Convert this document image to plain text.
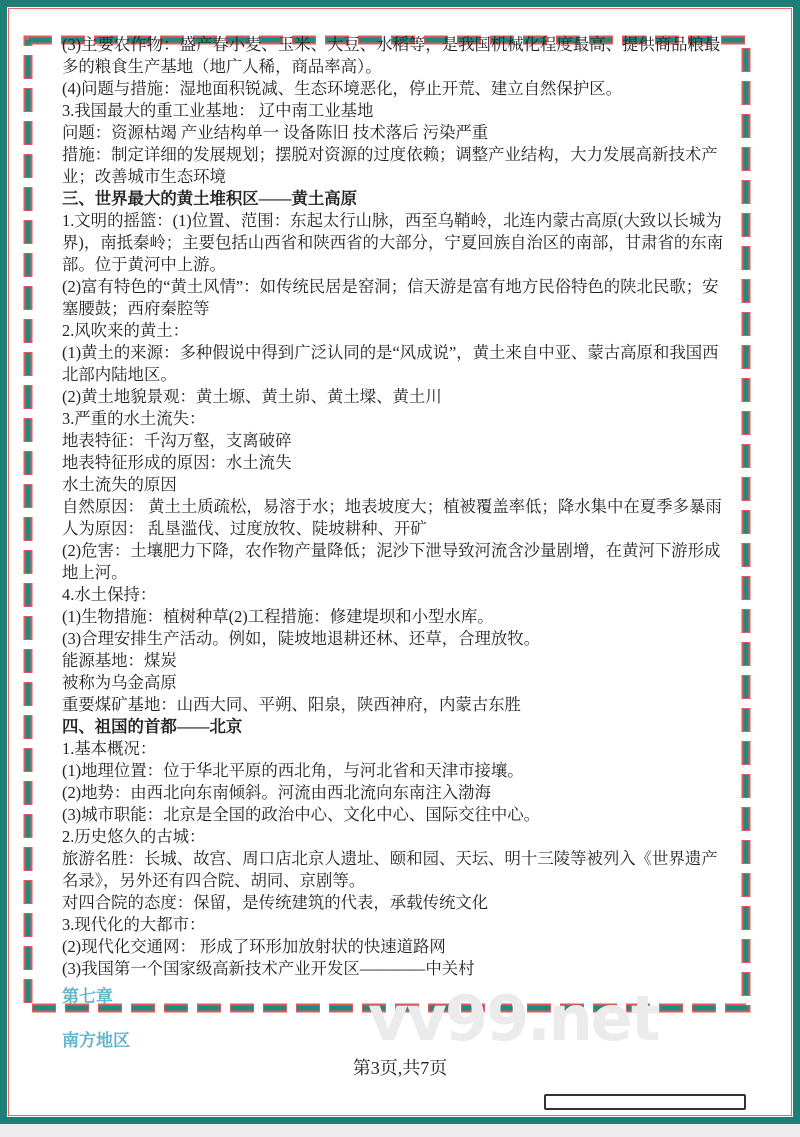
(3)主要农作物：盛产春小麦、玉米、大豆、水稻等，是我国机械化程度最高、提供商品粮最
多的粮食生产基地（地广人稀，商品率高）。
(4)问题与措施：湿地面积锐减、生态环境恶化，停止开荒、建立自然保护区。
3.我国最大的重工业基地： 辽中南工业基地
问题：资源枯竭 产业结构单一 设备陈旧 技术落后 污染严重
措施：制定详细的发展规划；摆脱对资源的过度依赖；调整产业结构，大力发展高新技术产
业；改善城市生态环境
三、世界最大的黄土堆积区——黄土高原
1.文明的摇篮：(1)位置、范围：东起太行山脉，西至乌鞘岭，北连内蒙古高原(大致以长城为
界)，南抵秦岭；主要包括山西省和陕西省的大部分，宁夏回族自治区的南部，甘肃省的东南
部。位于黄河中上游。
(2)富有特色的“黄土风情”：如传统民居是窑洞；信天游是富有地方民俗特色的陕北民歌；安
塞腰鼓；西府秦腔等
2.风吹来的黄土：
(1)黄土的来源：多种假说中得到广泛认同的是“风成说”，黄土来自中亚、蒙古高原和我国西
北部内陆地区。
(2)黄土地貌景观：黄土塬、黄土峁、黄土墚、黄土川
3.严重的水土流失：
地表特征：千沟万壑，支离破碎
地表特征形成的原因：水土流失
水土流失的原因
自然原因： 黄土土质疏松，易溶于水；地表坡度大；植被覆盖率低；降水集中在夏季多暴雨
人为原因： 乱垦滥伐、过度放牧、陡坡耕种、开矿
(2)危害：土壤肥力下降，农作物产量降低；泥沙下泄导致河流含沙量剧增，在黄河下游形成
地上河。
4.水土保持：
(1)生物措施：植树种草(2)工程措施：修建堤坝和小型水库。
(3)合理安排生产活动。例如，陡坡地退耕还林、还草，合理放牧。
能源基地：煤炭
被称为乌金高原
重要煤矿基地：山西大同、平朔、阳泉，陕西神府，内蒙古东胜
四、祖国的首都——北京
1.基本概况：
(1)地理位置：位于华北平原的西北角，与河北省和天津市接壤。
(2)地势：由西北向东南倾斜。河流由西北流向东南注入渤海
(3)城市职能：北京是全国的政治中心、文化中心、国际交往中心。
2.历史悠久的古城：
旅游名胜：长城、故宫、周口店北京人遗址、颐和园、天坛、明十三陵等被列入《世界遗产
名录》，另外还有四合院、胡同、京剧等。
对四合院的态度：保留，是传统建筑的代表，承载传统文化
3.现代化的大都市：
(2)现代化交通网： 形成了环形加放射状的快速道路网
(3)我国第一个国家级高新技术产业开发区————中关村
vv99.net
第七章
南方地区
第3页,共7页
